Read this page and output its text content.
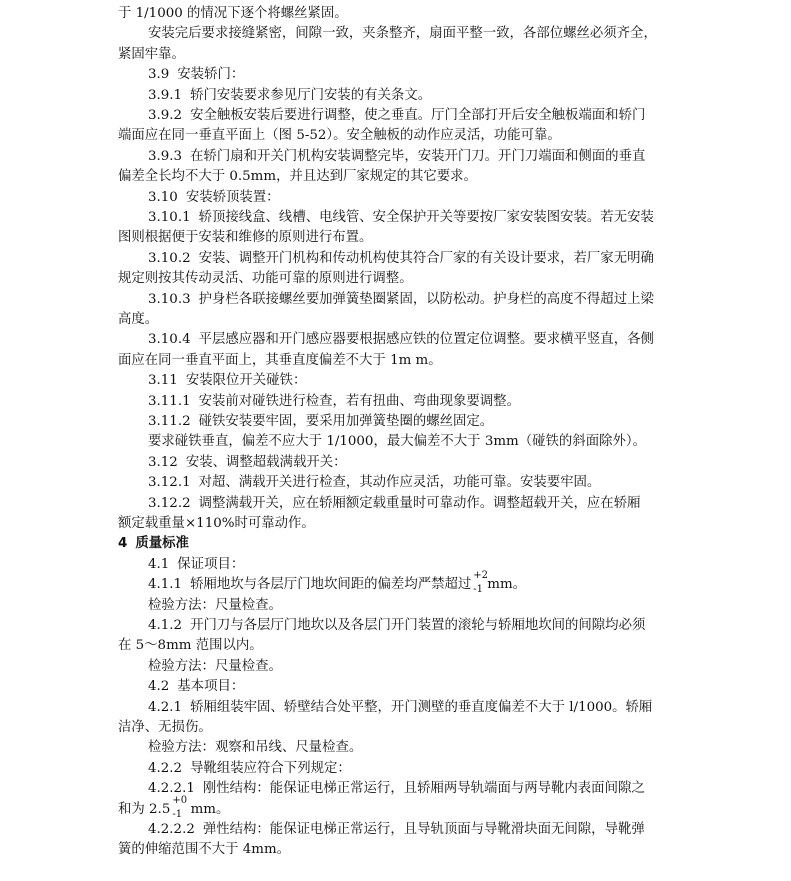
于 1/1000 的情况下逐个将螺丝紧固。
安装完后要求接缝紧密，间隙一致，夹条整齐，扇面平整一致，各部位螺丝必须齐全，
紧固牢靠。
3.9 安装轿门：
3.9.1 轿门安装要求参见厅门安装的有关条文。
3.9.2 安全触板安装后要进行调整，使之垂直。厅门全部打开后安全触板端面和轿门
端面应在同一垂直平面上（图 5-52）。安全触板的动作应灵活，功能可靠。
3.9.3 在轿门扇和开关门机构安装调整完毕，安装开门刀。开门刀端面和侧面的垂直
偏差全长均不大于 0.5mm，并且达到厂家规定的其它要求。
3.10 安装轿顶装置：
3.10.1 轿顶接线盒、线槽、电线管、安全保护开关等要按厂家安装图安装。若无安装
图则根据便于安装和维修的原则进行布置。
3.10.2 安装、调整开门机构和传动机构使其符合厂家的有关设计要求，若厂家无明确
规定则按其传动灵活、功能可靠的原则进行调整。
3.10.3 护身栏各联接螺丝要加弹簧垫圈紧固，以防松动。护身栏的高度不得超过上梁
高度。
3.10.4 平层感应器和开门感应器要根据感应铁的位置定位调整。要求横平竖直，各侧
面应在同一垂直平面上，其垂直度偏差不大于 1m m。
3.11 安装限位开关碰铁：
3.11.1 安装前对碰铁进行检查，若有扭曲、弯曲现象要调整。
3.11.2 碰铁安装要牢固，要采用加弹簧垫圈的螺丝固定。
要求碰铁垂直，偏差不应大于 1/1000，最大偏差不大于 3mm（碰铁的斜面除外）。
3.12 安装、调整超载满载开关：
3.12.1 对超、满载开关进行检查，其动作应灵活，功能可靠。安装要牢固。
3.12.2 调整满载开关，应在轿厢额定载重量时可靠动作。调整超载开关，应在轿厢
额定载重量×110%时可靠动作。
4 质量标准
4.1 保证项目：
4.1.1 轿厢地坎与各层厅门地坎间距的偏差均严禁超过
+2
-1 mm。
检验方法：尺量检查。
4.1.2 开门刀与各层厅门地坎以及各层门开门装置的滚轮与轿厢地坎间的间隙均必须
在 5～8mm 范围以内。
检验方法：尺量检查。
4.2 基本项目：
4.2.1 轿厢组装牢固、轿壁结合处平整，开门测壁的垂直度偏差不大于 l/1000。轿厢
洁净、无损伤。
检验方法：观察和吊线、尺量检查。
4.2.2 导靴组装应符合下列规定：
4.2.2.1 刚性结构：能保证电梯正常运行，且轿厢两导轨端面与两导靴内表面间隙之
和为 2.5
+0
-1 mm。
4.2.2.2 弹性结构：能保证电梯正常运行，且导轨顶面与导靴滑块面无间隙，导靴弹
簧的伸缩范围不大于 4mm。
